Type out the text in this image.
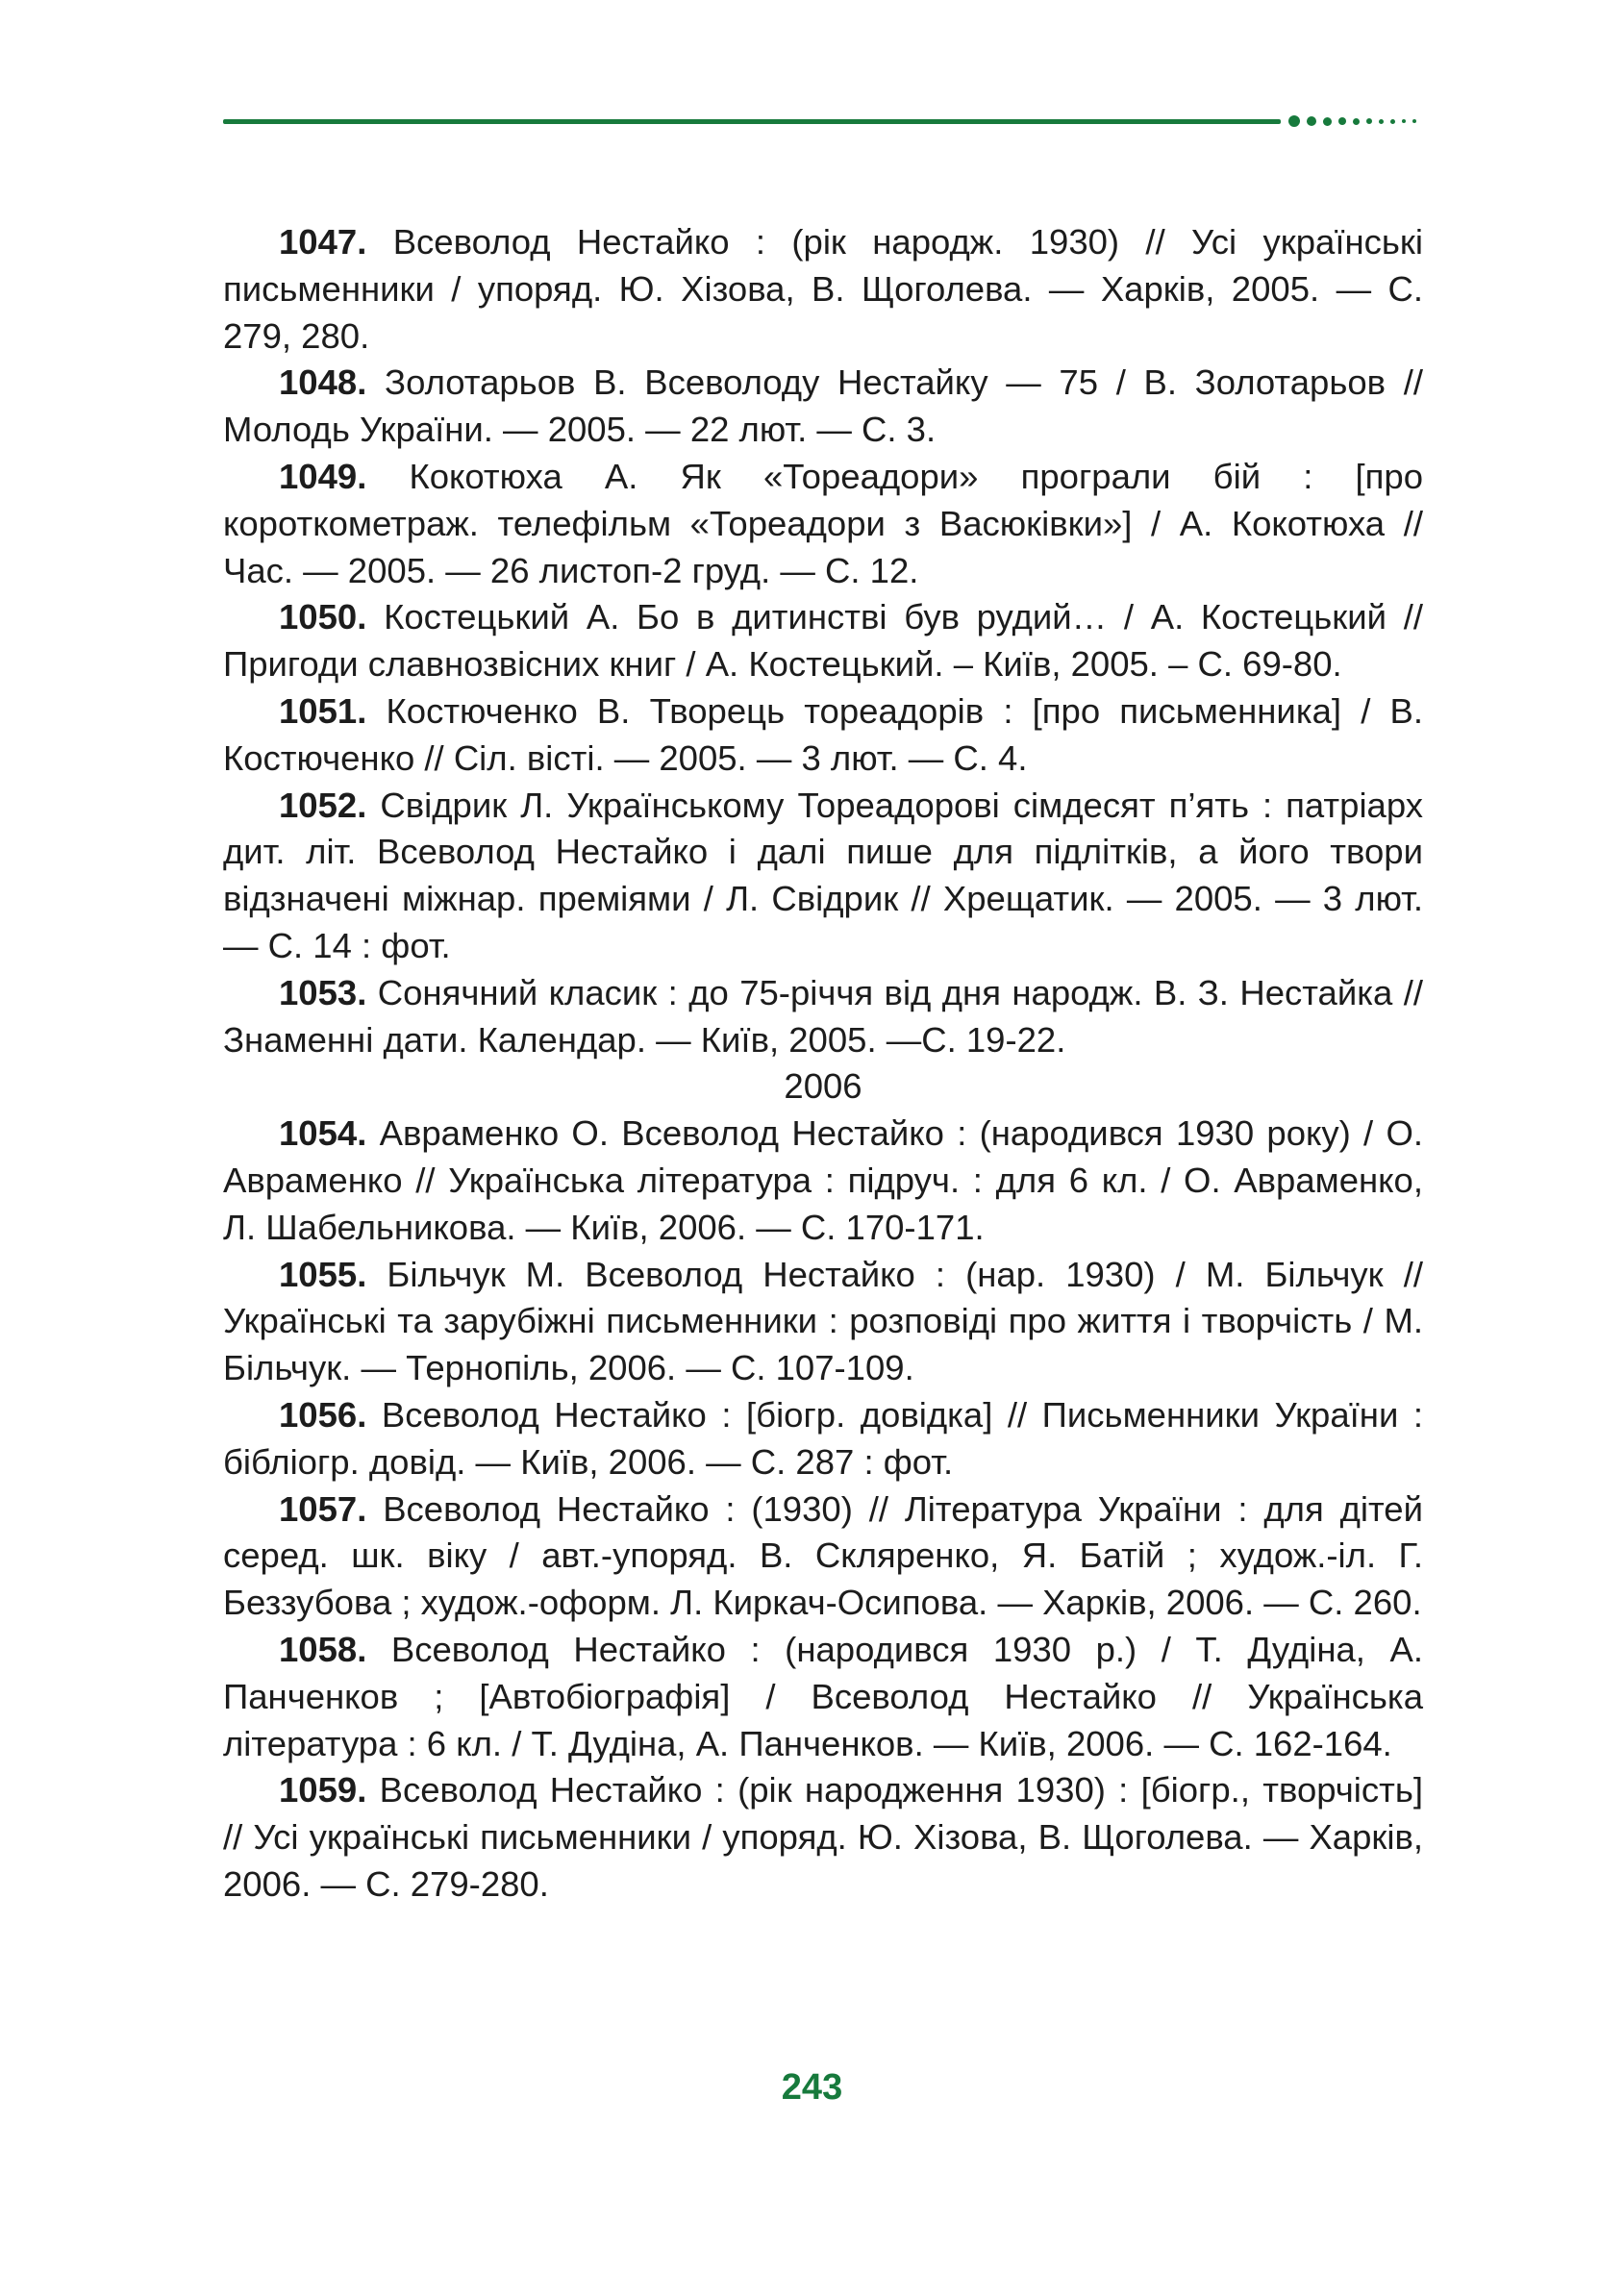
1047. Всеволод Нестайко : (рік народж. 1930) // Усі українські письменники / упоряд. Ю. Хізова, В. Щоголева. — Харків, 2005. — С. 279, 280.

1048. Золотарьов В. Всеволоду Нестайку — 75 / В. Золотарьов // Молодь України. — 2005. — 22 лют. — С. 3.

1049. Кокотюха А. Як «Тореадори» програли бій : [про короткометраж. телефільм «Тореадори з Васюківки»] / А. Кокотюха // Час. — 2005. — 26 листоп-2 груд. — С. 12.

1050. Костецький А. Бо в дитинстві був рудий… / А. Костецький // Пригоди славнозвісних книг / А. Костецький. – Київ, 2005. – С. 69-80.

1051. Костюченко В. Творець тореадорів : [про письменника] / В. Костюченко // Сіл. вісті. — 2005. — 3 лют. — С. 4.

1052. Свідрик Л. Українському Тореадорові сімдесят п’ять : патріарх дит. літ. Всеволод Нестайко і далі пише для підлітків, а його твори відзначені міжнар. преміями / Л. Свідрик // Хрещатик. — 2005. — 3 лют. — С. 14 : фот.

1053. Сонячний класик : до 75-річчя від дня народж. В. З. Нестайка // Знаменні дати. Календар. — Київ, 2005. —С. 19-22.

2006

1054. Авраменко О. Всеволод Нестайко : (народився 1930 року) / О. Авраменко // Українська література : підруч. : для 6 кл. / О. Авраменко, Л. Шабельникова. — Київ, 2006. — С. 170-171.

1055. Більчук М. Всеволод Нестайко : (нар. 1930) / М. Більчук // Українські та зарубіжні письменники : розповіді про життя і творчість / М. Більчук. — Тернопіль, 2006. — С. 107-109.

1056. Всеволод Нестайко : [біогр. довідка] // Письменники України : бібліогр. довід. — Київ, 2006. — С. 287 : фот.

1057. Всеволод Нестайко : (1930) // Література України : для дітей серед. шк. віку / авт.-упоряд. В. Скляренко, Я. Батій ; худож.-іл. Г. Беззубова ; худож.-оформ. Л. Киркач-Осипова. — Харків, 2006. — С. 260.

1058. Всеволод Нестайко : (народився 1930 р.) / Т. Дудіна, А. Панченков ; [Автобіографія] / Всеволод Нестайко // Українська література : 6 кл. / Т. Дудіна, А. Панченков. — Київ, 2006. — С. 162-164.

1059. Всеволод Нестайко : (рік народження 1930) : [біогр., творчість] // Усі українські письменники / упоряд. Ю. Хізова, В. Щоголева. — Харків, 2006. — С. 279-280.

243
